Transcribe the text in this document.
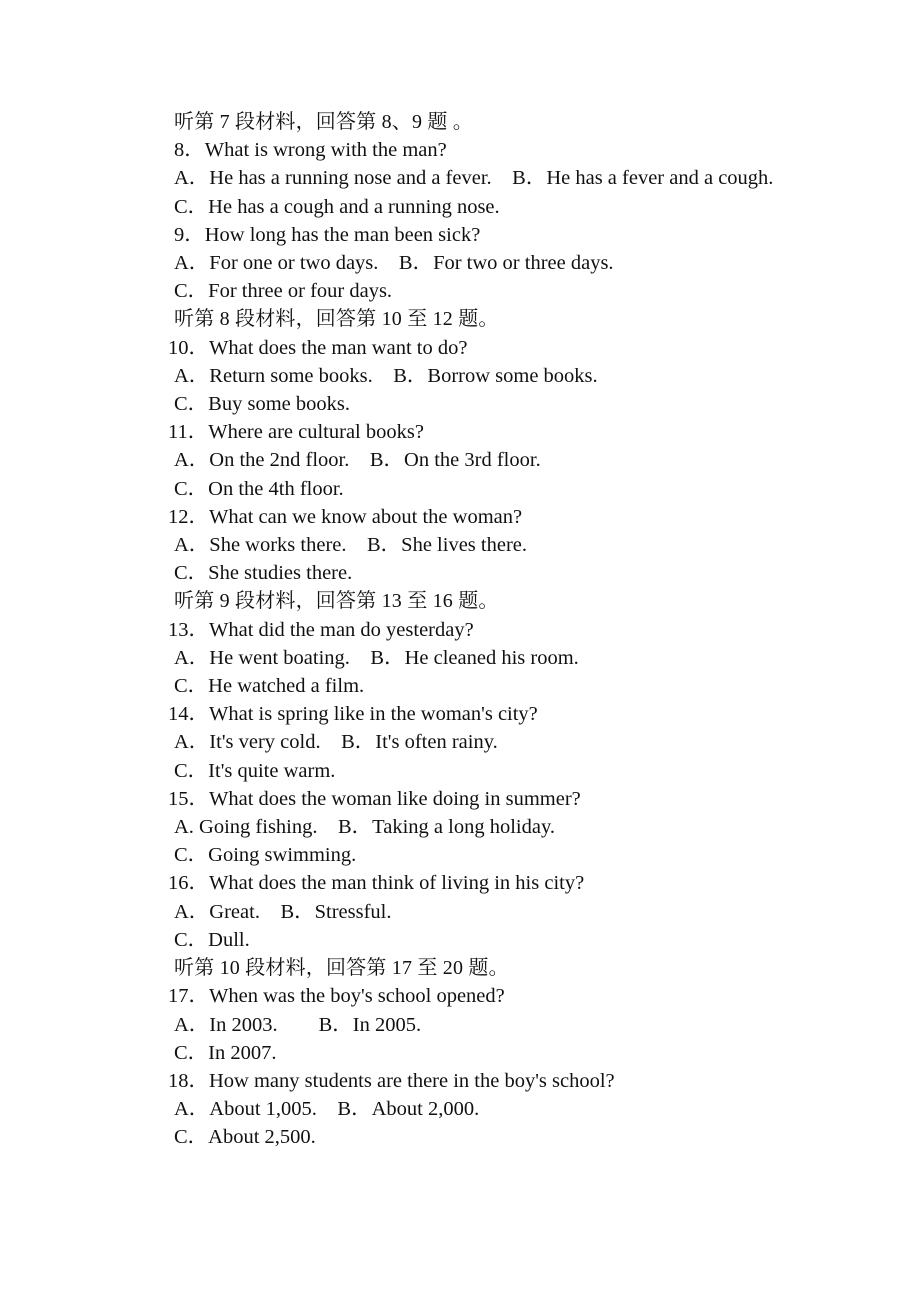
听第 7 段材料，回答第 8、9 题 。

8．What is wrong with the man?

A．He has a running nose and a fever.　B．He has a fever and a cough.

C．He has a cough and a running nose.

9．How long has the man been sick?

A．For one or two days.　B．For two or three days.

C．For three or four days.

听第 8 段材料，回答第 10 至 12 题。

10．What does the man want to do?

A．Return some books.　B．Borrow some books.

C．Buy some books.

11．Where are cultural books?

A．On the 2nd floor.　B．On the 3rd floor.

C．On the 4th floor.

12．What can we know about the woman?

A．She works there.　B．She lives there.

C．She studies there.

听第 9 段材料，回答第 13 至 16 题。

13．What did the man do yesterday?

A．He went boating.　B．He cleaned his room.

C．He watched a film.

14．What is spring like in the woman's city?

A．It's very cold.　B．It's often rainy.

C．It's quite warm.

15．What does the woman like doing in summer?

A. Going fishing.　B．Taking a long holiday.

C．Going swimming.

16．What does the man think of living in his city?

A．Great.　B．Stressful.

C．Dull.

听第 10 段材料，回答第 17 至 20 题。

17．When was the boy's school opened?

A．In 2003.　　B．In 2005.

C．In 2007.

18．How many students are there in the boy's school?

A．About 1,005.　B．About 2,000.

C．About 2,500.
